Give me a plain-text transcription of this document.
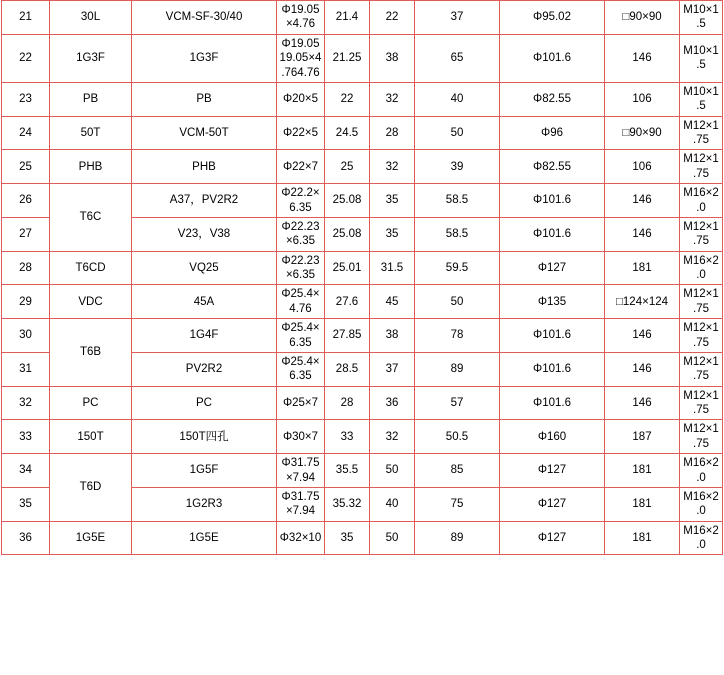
21	30L	VCM-SF-30/40	Φ19.05×4.76	21.4	22	37	Φ95.02	□90×90	M10×1.5
22	1G3F	1G3F	Φ19.0519.05×4.764.76	21.25	38	65	Φ101.6	146	M10×1.5
23	PB	PB	Φ20×5	22	32	40	Φ82.55	106	M10×1.5
24	50T	VCM-50T	Φ22×5	24.5	28	50	Φ96	□90×90	M12×1.75
25	PHB	PHB	Φ22×7	25	32	39	Φ82.55	106	M12×1.75
26	T6C	A37，PV2R2	Φ22.2×6.35	25.08	35	58.5	Φ101.6	146	M16×2.0
27		V23，V38	Φ22.23×6.35	25.08	35	58.5	Φ101.6	146	M12×1.75
28	T6CD	VQ25	Φ22.23×6.35	25.01	31.5	59.5	Φ127	181	M16×2.0
29	VDC	45A	Φ25.4×4.76	27.6	45	50	Φ135	□124×124	M12×1.75
30	T6B	1G4F	Φ25.4×6.35	27.85	38	78	Φ101.6	146	M12×1.75
31		PV2R2	Φ25.4×6.35	28.5	37	89	Φ101.6	146	M12×1.75
32	PC	PC	Φ25×7	28	36	57	Φ101.6	146	M12×1.75
33	150T	150T四孔	Φ30×7	33	32	50.5	Φ160	187	M12×1.75
34	T6D	1G5F	Φ31.75×7.94	35.5	50	85	Φ127	181	M16×2.0
35		1G2R3	Φ31.75×7.94	35.32	40	75	Φ127	181	M16×2.0
36	1G5E	1G5E	Φ32×10	35	50	89	Φ127	181	M16×2.0
